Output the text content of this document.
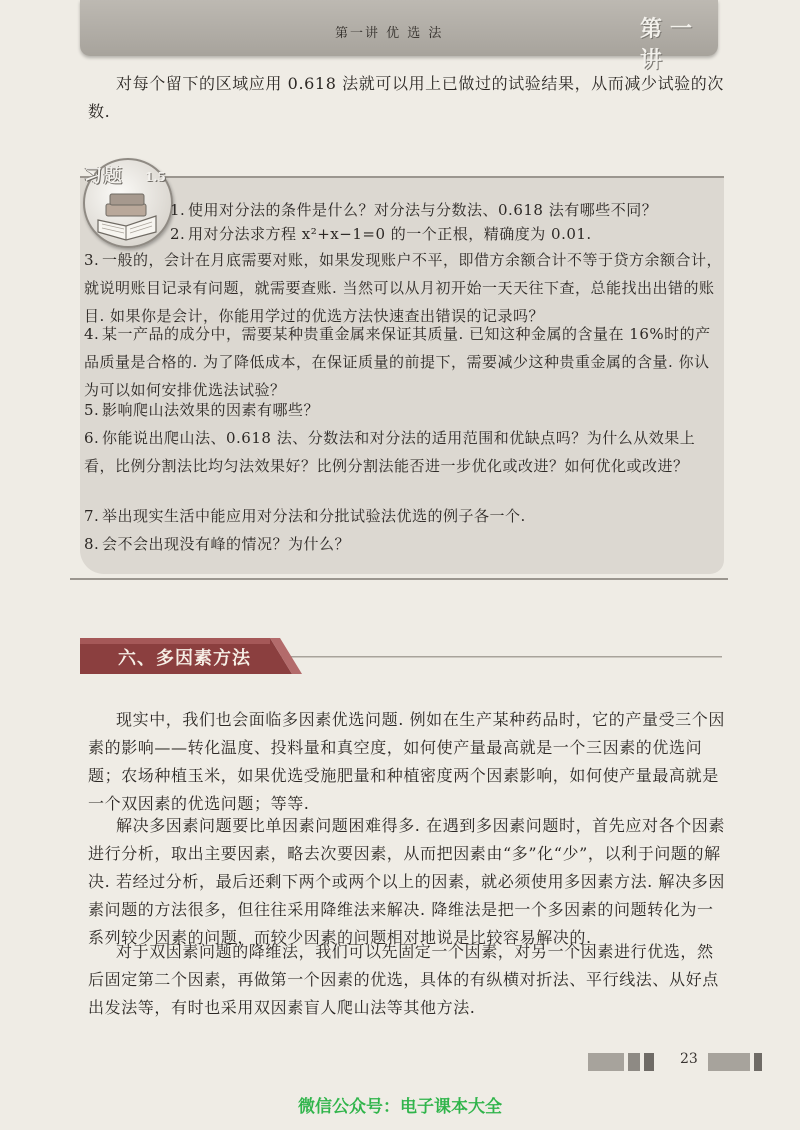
第一讲 优 选 法	第一讲
对每个留下的区域应用 0.618 法就可以用上已做过的试验结果，从而减少试验的次数.
习题 1.5
1. 使用对分法的条件是什么？对分法与分数法、0.618 法有哪些不同？
2. 用对分法求方程 x²+x−1=0 的一个正根，精确度为 0.01.
3. 一般的，会计在月底需要对账，如果发现账户不平，即借方余额合计不等于贷方余额合计，就说明账目记录有问题，就需要查账. 当然可以从月初开始一天天往下查，总能找出出错的账目. 如果你是会计，你能用学过的优选方法快速查出错误的记录吗？
4. 某一产品的成分中，需要某种贵重金属来保证其质量. 已知这种金属的含量在 16%时的产品质量是合格的. 为了降低成本，在保证质量的前提下，需要减少这种贵重金属的含量. 你认为可以如何安排优选法试验？
5. 影响爬山法效果的因素有哪些？
6. 你能说出爬山法、0.618 法、分数法和对分法的适用范围和优缺点吗？为什么从效果上看，比例分割法比均匀法效果好？比例分割法能否进一步优化或改进？如何优化或改进？
7. 举出现实生活中能应用对分法和分批试验法优选的例子各一个.
8. 会不会出现没有峰的情况？为什么？
六、多因素方法
现实中，我们也会面临多因素优选问题. 例如在生产某种药品时，它的产量受三个因素的影响——转化温度、投料量和真空度，如何使产量最高就是一个三因素的优选问题；农场种植玉米，如果优选受施肥量和种植密度两个因素影响，如何使产量最高就是一个双因素的优选问题；等等.
解决多因素问题要比单因素问题困难得多. 在遇到多因素问题时，首先应对各个因素进行分析，取出主要因素，略去次要因素，从而把因素由“多”化“少”，以利于问题的解决. 若经过分析，最后还剩下两个或两个以上的因素，就必须使用多因素方法. 解决多因素问题的方法很多，但往往采用降维法来解决. 降维法是把一个多因素的问题转化为一系列较少因素的问题，而较少因素的问题相对地说是比较容易解决的.
对于双因素问题的降维法，我们可以先固定一个因素，对另一个因素进行优选，然后固定第二个因素，再做第一个因素的优选，具体的有纵横对折法、平行线法、从好点出发法等，有时也采用双因素盲人爬山法等其他方法.
23
微信公众号：电子课本大全
